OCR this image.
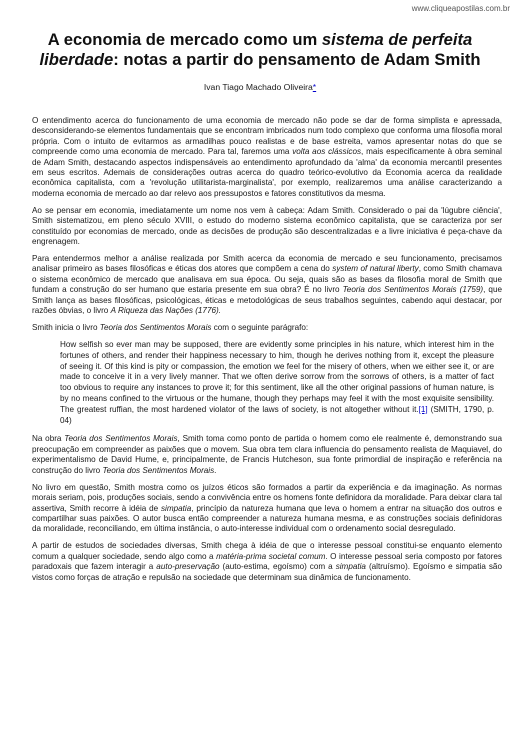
www.cliqueapostilas.com.br
A economia de mercado como um sistema de perfeita
liberdade: notas a partir do pensamento de Adam Smith
Ivan Tiago Machado Oliveira*

O entendimento acerca do funcionamento de uma economia de mercado não pode se dar de forma simplista e apressada, desconsiderando-se elementos fundamentais que se encontram imbricados num todo complexo que conforma uma filosofia moral própria. Com o intuito de evitarmos as armadilhas pouco realistas e de base estreita, vamos apresentar notas do que se compreende como uma economia de mercado. Para tal, faremos uma volta aos clássicos, mais especificamente à obra seminal de Adam Smith, destacando aspectos indispensáveis ao entendimento aprofundado da 'alma' da economia mercantil presentes em seus escritos. Ademais de considerações outras acerca do quadro teórico-evolutivo da Economia acerca da realidade econômica capitalista, com a 'revolução utilitarista-marginalista', por exemplo, realizaremos uma análise caracterizando a moderna economia de mercado ao dar relevo aos pressupostos e fatores constitutivos da mesma.

Ao se pensar em economia, imediatamente um nome nos vem à cabeça: Adam Smith. Considerado o pai da 'lúgubre ciência', Smith sistematizou, em pleno século XVIII, o estudo do moderno sistema econômico capitalista, que se caracteriza por ser constituído por economias de mercado, onde as decisões de produção são descentralizadas e a livre iniciativa é peça-chave da engrenagem.

Para entendermos melhor a análise realizada por Smith acerca da economia de mercado e seu funcionamento, precisamos analisar primeiro as bases filosóficas e éticas dos atores que compõem a cena do system of natural liberty, como Smith chamava o sistema econômico de mercado que analisava em sua época. Ou seja, quais são as bases da filosofia moral de Smith que fundam a construção do ser humano que estaria presente em sua obra? É no livro Teoria dos Sentimentos Morais (1759), que Smith lança as bases filosóficas, psicológicas, éticas e metodológicas de seus trabalhos seguintes, cabendo aqui destacar, por razões óbvias, o livro A Riqueza das Nações (1776).

Smith inicia o livro Teoria dos Sentimentos Morais com o seguinte parágrafo:

How selfish so ever man may be supposed, there are evidently some principles in his nature, which interest him in the fortunes of others, and render their happiness necessary to him, though he derives nothing from it, except the pleasure of seeing it. Of this kind is pity or compassion, the emotion we feel for the misery of others, when we either see it, or are made to conceive it in a very lively manner. That we often derive sorrow from the sorrows of others, is a matter of fact too obvious to require any instances to prove it; for this sentiment, like all the other original passions of human nature, is by no means confined to the virtuous or the humane, though they perhaps may feel it with the most exquisite sensibility. The greatest ruffian, the most hardened violator of the laws of society, is not altogether without it.[1] (SMITH, 1790, p. 04)

Na obra Teoria dos Sentimentos Morais, Smith toma como ponto de partida o homem como ele realmente é, demonstrando sua preocupação em compreender as paixões que o movem. Sua obra tem clara influencia do pensamento realista de Maquiavel, do experimentalismo de David Hume, e, principalmente, de Francis Hutcheson, sua fonte primordial de inspiração e referência na construção do livro Teoria dos Sentimentos Morais.

No livro em questão, Smith mostra como os juízos éticos são formados a partir da experiência e da imaginação. As normas morais seriam, pois, produções sociais, sendo a convivência entre os homens fonte definidora da moralidade. Para deixar clara tal assertiva, Smith recorre à idéia de simpatia, princípio da natureza humana que leva o homem a entrar na situação dos outros e compartilhar suas paixões. O autor busca então compreender a natureza humana mesma, e as construções sociais definidoras da moralidade, reconciliando, em última instância, o auto-interesse individual com o ordenamento social desregulado.

A partir de estudos de sociedades diversas, Smith chega à idéia de que o interesse pessoal constitui-se enquanto elemento comum a qualquer sociedade, sendo algo como a matéria-prima societal comum. O interesse pessoal seria composto por fatores paradoxais que fazem interagir a auto-preservação (auto-estima, egoísmo) com a simpatia (altruísmo). Egoísmo e simpatia são vistos como forças de atração e repulsão na sociedade que determinam sua dinâmica de funcionamento.
